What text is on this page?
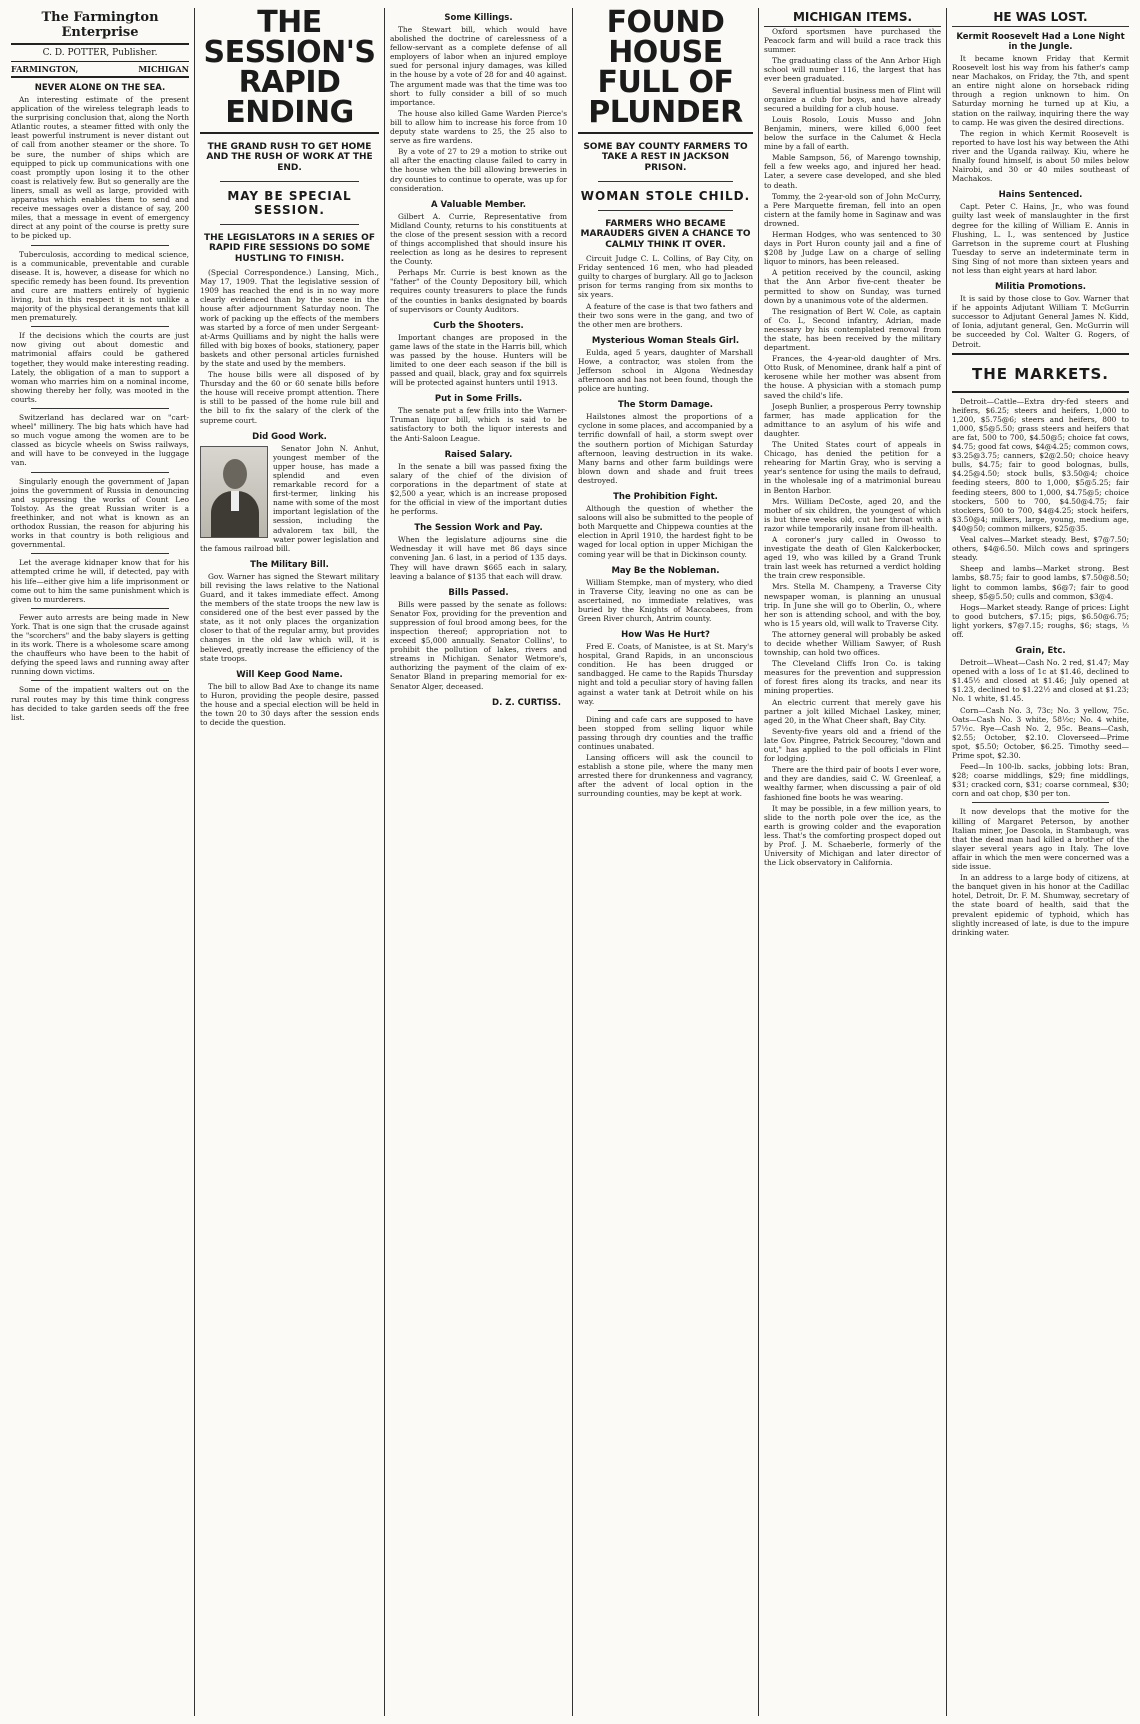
The Farmington Enterprise
C. D. POTTER, Publisher.
FARMINGTON,	MICHIGAN
NEVER ALONE ON THE SEA.

An interesting estimate of the present application of the wireless telegraph leads to the surprising conclusion that, along the North Atlantic routes, a steamer fitted with only the least powerful instrument is never distant out of call from another steamer or the shore. To be sure, the number of ships which are equipped to pick up communications with one coast promptly upon losing it to the other coast is relatively few. But so generally are the liners, small as well as large, provided with apparatus which enables them to send and receive messages over a distance of say, 200 miles, that a message in event of emergency direct at any point of the course is pretty sure to be picked up.

Tuberculosis, according to medical science, is a communicable, preventable and curable disease. It is, however, a disease for which no specific remedy has been found. Its prevention and cure are matters entirely of hygienic living, but in this respect it is not unlike a majority of the physical derangements that kill men prematurely.

If the decisions which the courts are just now giving out about domestic and matrimonial affairs could be gathered together, they would make interesting reading. Lately, the obligation of a man to support a woman who marries him on a nominal income, showing thereby her folly, was mooted in the courts.

Switzerland has declared war on "cart-wheel" millinery. The big hats which have had so much vogue among the women are to be classed as bicycle wheels on Swiss railways, and will have to be conveyed in the luggage van.

Singularly enough the government of Japan joins the government of Russia in denouncing and suppressing the works of Count Leo Tolstoy. As the great Russian writer is a freethinker, and not what is known as an orthodox Russian, the reason for abjuring his works in that country is both religious and governmental.

Let the average kidnaper know that for his attempted crime he will, if detected, pay with his life—either give him a life imprisonment or come out to him the same punishment which is given to murderers.

Fewer auto arrests are being made in New York. That is one sign that the crusade against the "scorchers" and the baby slayers is getting in its work. There is a wholesome scare among the chauffeurs who have been to the habit of defying the speed laws and running away after running down victims.

Some of the impatient walters out on the rural routes may by this time think congress has decided to take garden seeds off the free list.

THE SESSION'S RAPID ENDING
THE GRAND RUSH TO GET HOME AND THE RUSH OF WORK AT THE END.
MAY BE SPECIAL SESSION.
THE LEGISLATORS IN A SERIES OF RAPID FIRE SESSIONS DO SOME HUSTLING TO FINISH.

(Special Correspondence.) Lansing, Mich., May 17, 1909. That the legislative session of 1909 has reached the end is in no way more clearly evidenced than by the scene in the house after adjournment Saturday noon. The work of packing up the effects of the members was started by a force of men under Sergeant-at-Arms Quilliams and by night the halls were filled with big boxes of books, stationery, paper baskets and other personal articles furnished by the state and used by the members.

The house bills were all disposed of by Thursday and the 60 or 60 senate bills before the house will receive prompt attention. There is still to be passed of the home rule bill and the bill to fix the salary of the clerk of the supreme court.

Did Good Work.

Senator John N. Anhut, youngest member of the upper house, has made a splendid and even remarkable record for a first-termer, linking his name with some of the most important legislation of the session, including the advalorem tax bill, the water power legislation and the famous railroad bill.

The Military Bill.

Gov. Warner has signed the Stewart military bill revising the laws relative to the National Guard, and it takes immediate effect. Among the members of the state troops the new law is considered one of the best ever passed by the state, as it not only places the organization closer to that of the regular army, but provides changes in the old law which will, it is believed, greatly increase the efficiency of the state troops.

Will Keep Good Name.

The bill to allow Bad Axe to change its name to Huron, providing the people desire, passed the house and a special election will be held in the town 20 to 30 days after the session ends to decide the question.

Some Killings.

The Stewart bill, which would have abolished the doctrine of carelessness of a fellow-servant as a complete defense of all employers of labor when an injured employe sued for personal injury damages, was killed in the house by a vote of 28 for and 40 against. The argument made was that the time was too short to fully consider a bill of so much importance.

The house also killed Game Warden Pierce's bill to allow him to increase his force from 10 deputy state wardens to 25, the 25 also to serve as fire wardens.

By a vote of 27 to 29 a motion to strike out all after the enacting clause failed to carry in the house when the bill allowing breweries in dry counties to continue to operate, was up for consideration.

A Valuable Member.

Gilbert A. Currie, Representative from Midland County, returns to his constituents at the close of the present session with a record of things accomplished that should insure his reelection as long as he desires to represent the County.

Perhaps Mr. Currie is best known as the "father" of the County Depository bill, which requires county treasurers to place the funds of the counties in banks designated by boards of supervisors or County Auditors.

Curb the Shooters.

Important changes are proposed in the game laws of the state in the Harris bill, which was passed by the house. Hunters will be limited to one deer each season if the bill is passed and quail, black, gray and fox squirrels will be protected against hunters until 1913.

Put in Some Frills.

The senate put a few frills into the Warner-Truman liquor bill, which is said to be satisfactory to both the liquor interests and the Anti-Saloon League.

Raised Salary.

In the senate a bill was passed fixing the salary of the chief of the division of corporations in the department of state at $2,500 a year, which is an increase proposed for the official in view of the important duties he performs.

The Session Work and Pay.

When the legislature adjourns sine die Wednesday it will have met 86 days since convening Jan. 6 last, in a period of 135 days. They will have drawn $665 each in salary, leaving a balance of $135 that each will draw.

Bills Passed.

Bills were passed by the senate as follows: Senator Fox, providing for the prevention and suppression of foul brood among bees, for the inspection thereof; appropriation not to exceed $5,000 annually. Senator Collins', to prohibit the pollution of lakes, rivers and streams in Michigan. Senator Wetmore's, authorizing the payment of the claim of ex-Senator Bland in preparing memorial for ex-Senator Alger, deceased.

D. Z. CURTISS.
FOUND HOUSE FULL OF PLUNDER
SOME BAY COUNTY FARMERS TO TAKE A REST IN JACKSON PRISON.
WOMAN STOLE CHILD.
FARMERS WHO BECAME MARAUDERS GIVEN A CHANCE TO CALMLY THINK IT OVER.

Circuit Judge C. L. Collins, of Bay City, on Friday sentenced 16 men, who had pleaded guilty to charges of burglary. All go to Jackson prison for terms ranging from six months to six years.

A feature of the case is that two fathers and their two sons were in the gang, and two of the other men are brothers.

Mysterious Woman Steals Girl.

Eulda, aged 5 years, daughter of Marshall Howe, a contractor, was stolen from the Jefferson school in Algona Wednesday afternoon and has not been found, though the police are hunting.

The Storm Damage.

Hailstones almost the proportions of a cyclone in some places, and accompanied by a terrific downfall of hail, a storm swept over the southern portion of Michigan Saturday afternoon, leaving destruction in its wake. Many barns and other farm buildings were blown down and shade and fruit trees destroyed.

The Prohibition Fight.

Although the question of whether the saloons will also be submitted to the people of both Marquette and Chippewa counties at the election in April 1910, the hardest fight to be waged for local option in upper Michigan the coming year will be that in Dickinson county.

May Be the Nobleman.

William Stempke, man of mystery, who died in Traverse City, leaving no one as can be ascertained, no immediate relatives, was buried by the Knights of Maccabees, from Green River church, Antrim county.

How Was He Hurt?

Fred E. Coats, of Manistee, is at St. Mary's hospital, Grand Rapids, in an unconscious condition. He has been drugged or sandbagged. He came to the Rapids Thursday night and told a peculiar story of having fallen against a water tank at Detroit while on his way.

Dining and cafe cars are supposed to have been stopped from selling liquor while passing through dry counties and the traffic continues unabated.

Lansing officers will ask the council to establish a stone pile, where the many men arrested there for drunkenness and vagrancy, after the advent of local option in the surrounding counties, may be kept at work.

MICHIGAN ITEMS.

Oxford sportsmen have purchased the Peacock farm and will build a race track this summer.

The graduating class of the Ann Arbor High school will number 116, the largest that has ever been graduated.

Several influential business men of Flint will organize a club for boys, and have already secured a building for a club house.

Louis Rosolo, Louis Musso and John Benjamin, miners, were killed 6,000 feet below the surface in the Calumet & Hecla mine by a fall of earth.

Mable Sampson, 56, of Marengo township, fell a few weeks ago, and injured her head. Later, a severe case developed, and she bled to death.

Tommy, the 2-year-old son of John McCurry, a Pere Marquette fireman, fell into an open cistern at the family home in Saginaw and was drowned.

Herman Hodges, who was sentenced to 30 days in Port Huron county jail and a fine of $208 by Judge Law on a charge of selling liquor to minors, has been released.

A petition received by the council, asking that the Ann Arbor five-cent theater be permitted to show on Sunday, was turned down by a unanimous vote of the aldermen.

The resignation of Bert W. Cole, as captain of Co. L, Second infantry, Adrian, made necessary by his contemplated removal from the state, has been received by the military department.

Frances, the 4-year-old daughter of Mrs. Otto Rusk, of Menominee, drank half a pint of kerosene while her mother was absent from the house. A physician with a stomach pump saved the child's life.

Joseph Bunlier, a prosperous Perry township farmer, has made application for the admittance to an asylum of his wife and daughter.

The United States court of appeals in Chicago, has denied the petition for a rehearing for Martin Gray, who is serving a year's sentence for using the mails to defraud, in the wholesale ing of a matrimonial bureau in Benton Harbor.

Mrs. William DeCoste, aged 20, and the mother of six children, the youngest of which is but three weeks old, cut her throat with a razor while temporarily insane from ill-health.

A coroner's jury called in Owosso to investigate the death of Glen Kalckerbocker, aged 19, who was killed by a Grand Trunk train last week has returned a verdict holding the train crew responsible.

Mrs. Stella M. Champeny, a Traverse City newspaper woman, is planning an unusual trip. In June she will go to Oberlin, O., where her son is attending school, and with the boy, who is 15 years old, will walk to Traverse City.

The attorney general will probably be asked to decide whether William Sawyer, of Rush township, can hold two offices.

The Cleveland Cliffs Iron Co. is taking measures for the prevention and suppression of forest fires along its tracks, and near its mining properties.

An electric current that merely gave his partner a jolt killed Michael Laskey, miner, aged 20, in the What Cheer shaft, Bay City.

Seventy-five years old and a friend of the late Gov. Pingree, Patrick Secourey, "down and out," has applied to the poll officials in Flint for lodging.

There are the third pair of boots I ever wore, and they are dandies, said C. W. Greenleaf, a wealthy farmer, when discussing a pair of old fashioned fine boots he was wearing.

It may be possible, in a few million years, to slide to the north pole over the ice, as the earth is growing colder and the evaporation less. That's the comforting prospect doped out by Prof. J. M. Schaeberle, formerly of the University of Michigan and later director of the Lick observatory in California.

HE WAS LOST.
Kermit Roosevelt Had a Lone Night in the Jungle.

It became known Friday that Kermit Roosevelt lost his way from his father's camp near Machakos, on Friday, the 7th, and spent an entire night alone on horseback riding through a region unknown to him. On Saturday morning he turned up at Kiu, a station on the railway, inquiring there the way to camp. He was given the desired directions.

The region in which Kermit Roosevelt is reported to have lost his way between the Athi river and the Uganda railway. Kiu, where he finally found himself, is about 50 miles below Nairobi, and 30 or 40 miles southeast of Machakos.

Hains Sentenced.

Capt. Peter C. Hains, Jr., who was found guilty last week of manslaughter in the first degree for the killing of William E. Annis in Flushing, L. I., was sentenced by Justice Garretson in the supreme court at Flushing Tuesday to serve an indeterminate term in Sing Sing of not more than sixteen years and not less than eight years at hard labor.

Militia Promotions.

It is said by those close to Gov. Warner that if he appoints Adjutant William T. McGurrin successor to Adjutant General James N. Kidd, of Ionia, adjutant general, Gen. McGurrin will be succeeded by Col. Walter G. Rogers, of Detroit.

THE MARKETS.

Detroit—Cattle—Extra dry-fed steers and heifers, $6.25; steers and heifers, 1,000 to 1,200, $5.75@6; steers and heifers, 800 to 1,000, $5@5.50; grass steers and heifers that are fat, 500 to 700, $4.50@5; choice fat cows, $4.75; good fat cows, $4@4.25; common cows, $3.25@3.75; canners, $2@2.50; choice heavy bulls, $4.75; fair to good bolognas, bulls, $4.25@4.50; stock bulls, $3.50@4; choice feeding steers, 800 to 1,000, $5@5.25; fair feeding steers, 800 to 1,000, $4.75@5; choice stockers, 500 to 700, $4.50@4.75; fair stockers, 500 to 700, $4@4.25; stock heifers, $3.50@4; milkers, large, young, medium age, $40@50; common milkers, $25@35.

Veal calves—Market steady. Best, $7@7.50; others, $4@6.50. Milch cows and springers steady.

Sheep and lambs—Market strong. Best lambs, $8.75; fair to good lambs, $7.50@8.50; light to common lambs, $6@7; fair to good sheep, $5@5.50; culls and common, $3@4.

Hogs—Market steady. Range of prices: Light to good butchers, $7.15; pigs, $6.50@6.75; light yorkers, $7@7.15; roughs, $6; stags, ⅓ off.

Grain, Etc.

Detroit—Wheat—Cash No. 2 red, $1.47; May opened with a loss of 1c at $1.46, declined to $1.45½ and closed at $1.46; July opened at $1.23, declined to $1.22½ and closed at $1.23; No. 1 white, $1.45.

Corn—Cash No. 3, 73c; No. 3 yellow, 75c. Oats—Cash No. 3 white, 58½c; No. 4 white, 57½c. Rye—Cash No. 2, 95c. Beans—Cash, $2.55; October, $2.10. Cloverseed—Prime spot, $5.50; October, $6.25. Timothy seed—Prime spot, $2.30.

Feed—In 100-lb. sacks, jobbing lots: Bran, $28; coarse middlings, $29; fine middlings, $31; cracked corn, $31; coarse cornmeal, $30; corn and oat chop, $30 per ton.

It now develops that the motive for the killing of Margaret Peterson, by another Italian miner, Joe Dascola, in Stambaugh, was that the dead man had killed a brother of the slayer several years ago in Italy. The love affair in which the men were concerned was a side issue.

In an address to a large body of citizens, at the banquet given in his honor at the Cadillac hotel, Detroit, Dr. F. M. Shumway, secretary of the state board of health, said that the prevalent epidemic of typhoid, which has slightly increased of late, is due to the impure drinking water.
